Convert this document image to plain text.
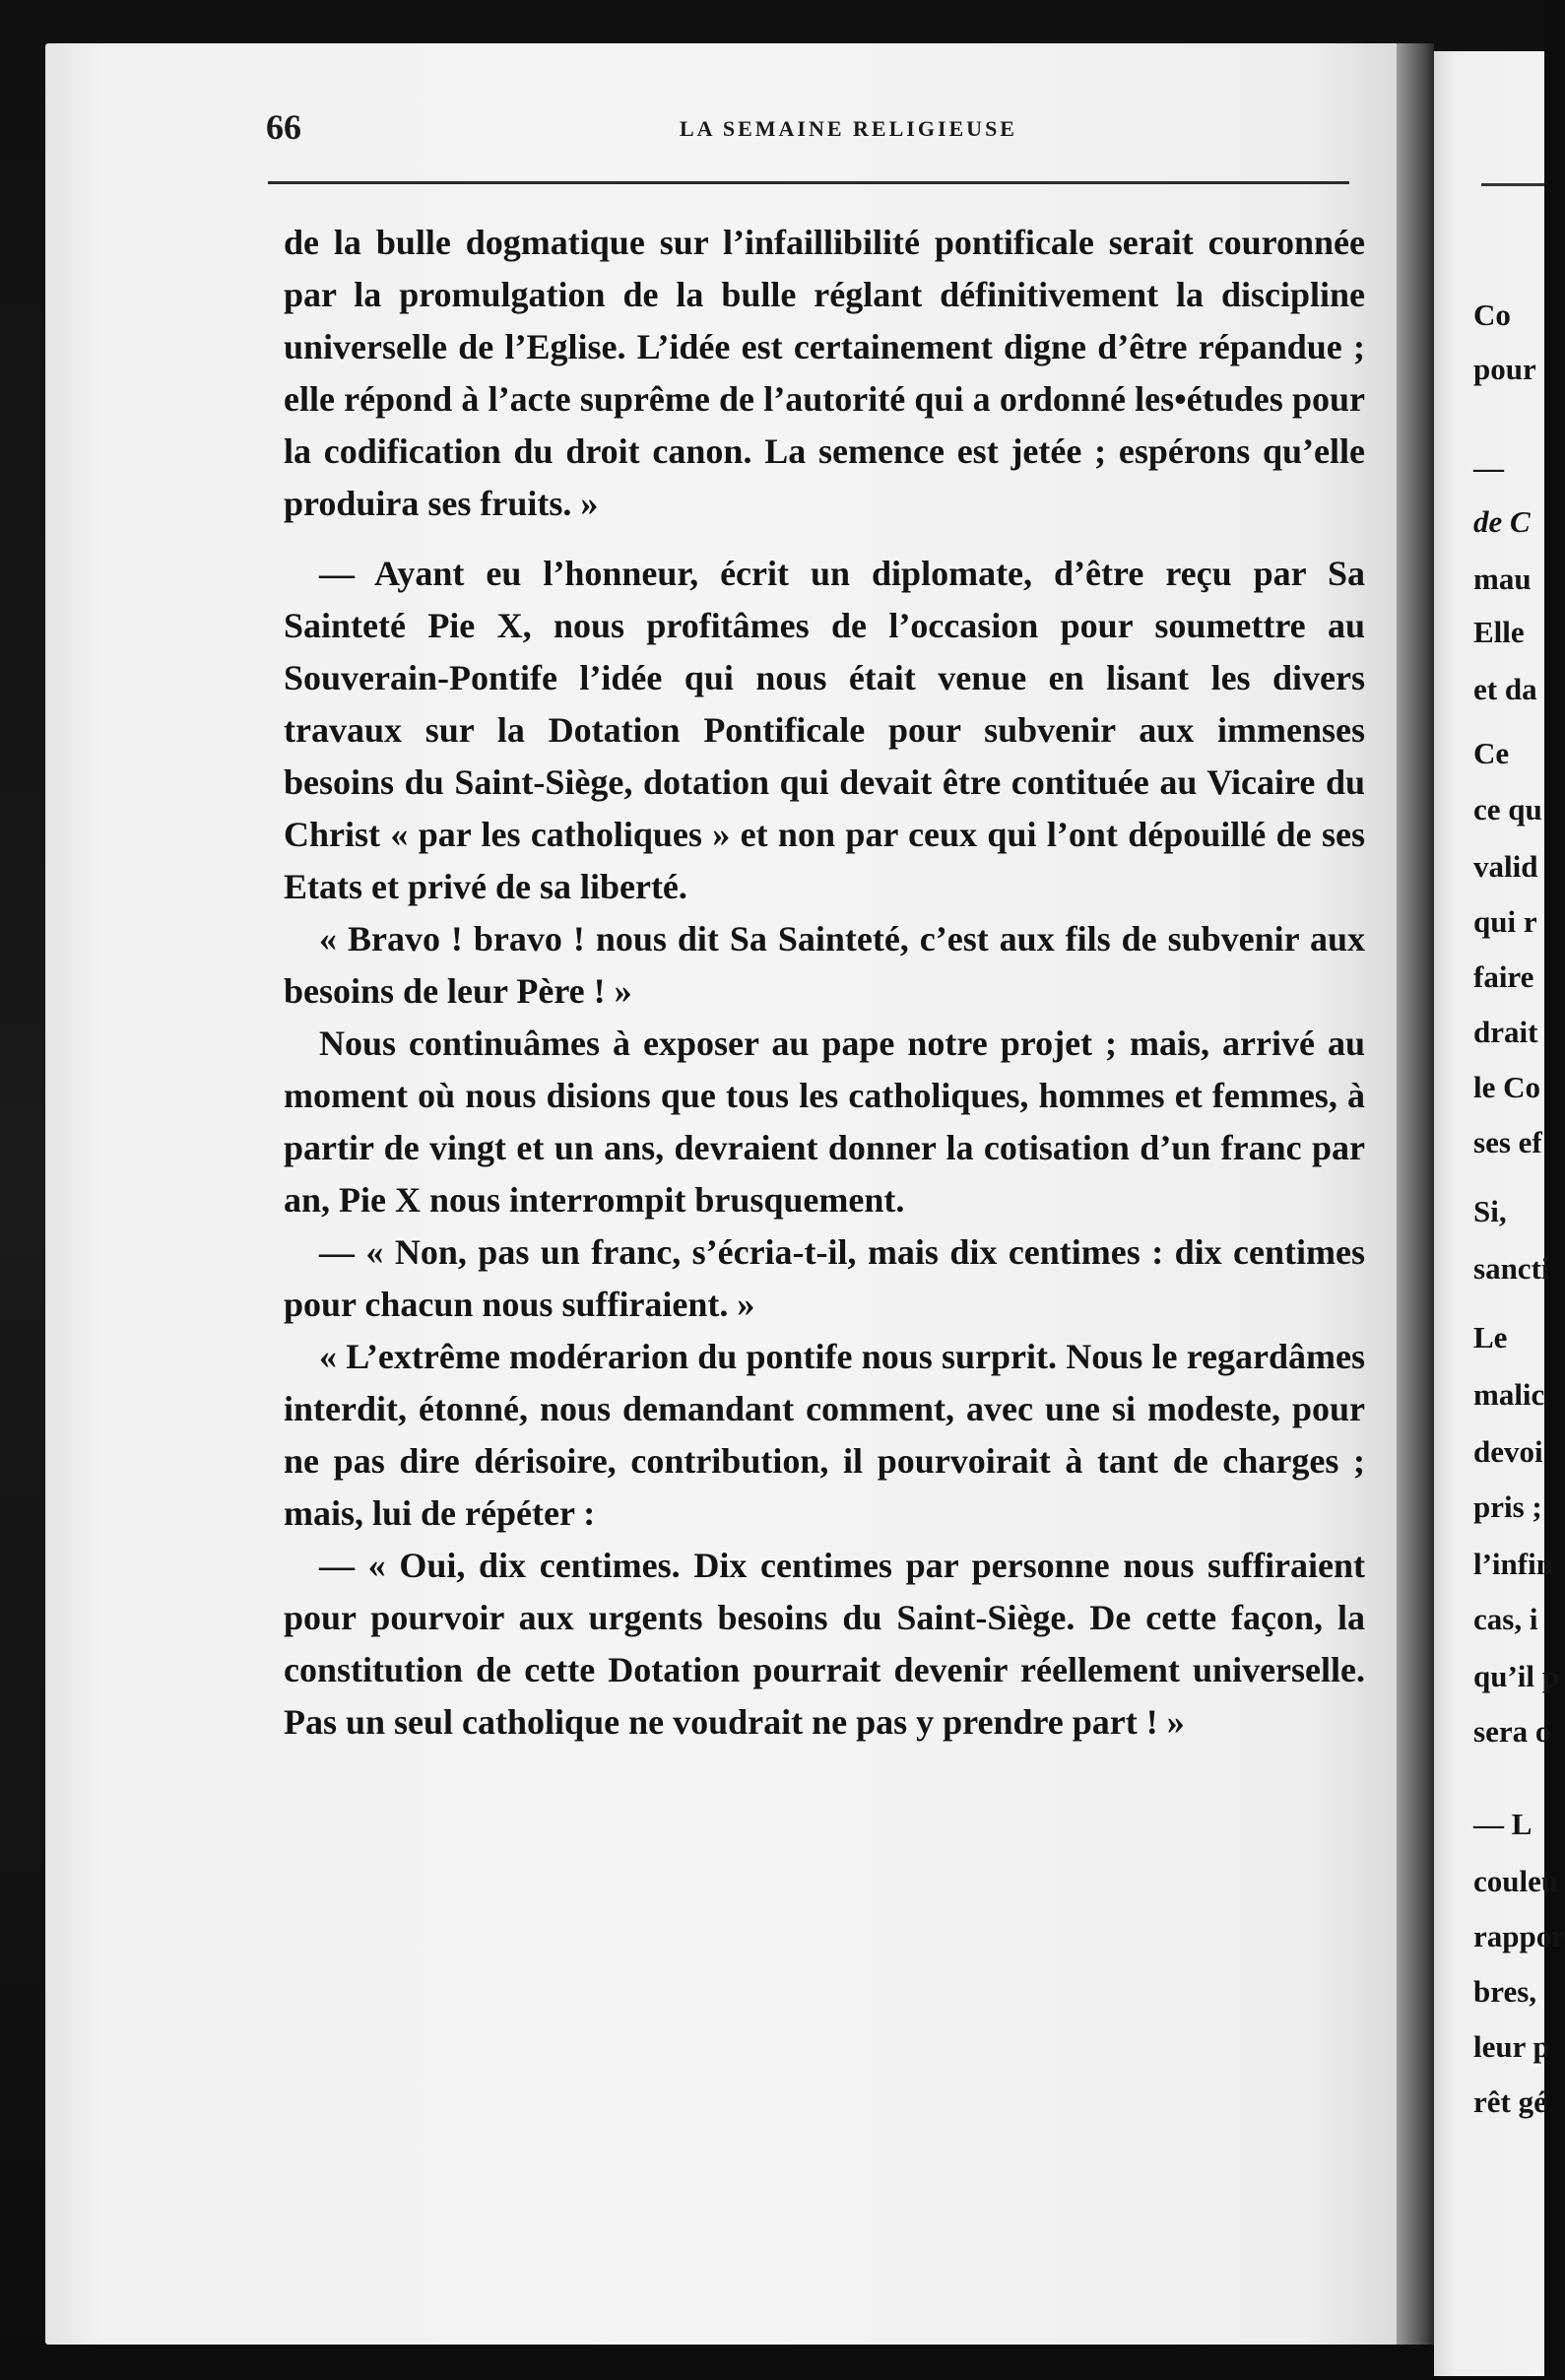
66	LA SEMAINE RELIGIEUSE

de la bulle dogmatique sur l’infaillibilité pontificale serait couronnée par la promulgation de la bulle réglant définitivement la discipline universelle de l’Eglise. L’idée est certainement digne d’être répandue ; elle répond à l’acte suprême de l’autorité qui a ordonné les•études pour la codification du droit canon. La semence est jetée ; espérons qu’elle produira ses fruits. »

— Ayant eu l’honneur, écrit un diplomate, d’être reçu par Sa Sainteté Pie X, nous profitâmes de l’occasion pour soumettre au Souverain-Pontife l’idée qui nous était venue en lisant les divers travaux sur la Dotation Pontificale pour subvenir aux immenses besoins du Saint-Siège, dotation qui devait être contituée au Vicaire du Christ « par les catholiques » et non par ceux qui l’ont dépouillé de ses Etats et privé de sa liberté.

« Bravo ! bravo ! nous dit Sa Sainteté, c’est aux fils de subvenir aux besoins de leur Père ! »

Nous continuâmes à exposer au pape notre projet ; mais, arrivé au moment où nous disions que tous les catholiques, hommes et femmes, à partir de vingt et un ans, devraient donner la cotisation d’un franc par an, Pie X nous interrompit brusquement.

— « Non, pas un franc, s’écria-t-il, mais dix centimes : dix centimes pour chacun nous suffiraient. »

« L’extrême modérarion du pontife nous surprit. Nous le regardâmes interdit, étonné, nous demandant comment, avec une si modeste, pour ne pas dire dérisoire, contribution, il pourvoirait à tant de charges ; mais, lui de répéter :

— « Oui, dix centimes. Dix centimes par personne nous suffiraient pour pourvoir aux urgents besoins du Saint-Siège. De cette façon, la constitution de cette Dotation pourrait devenir réellement universelle. Pas un seul catholique ne voudrait ne pas y prendre part ! »

Co
pour
—
de C
mau
Elle
et da
Ce
ce qu
valid
qui r
faire
drait
le Co
ses ef
Si,
sancti
Le
malic
devoi
pris ;
l’infin
cas, i
qu’il p
sera o
— L
couleu
rappor
bres,
leur p
rêt gé
